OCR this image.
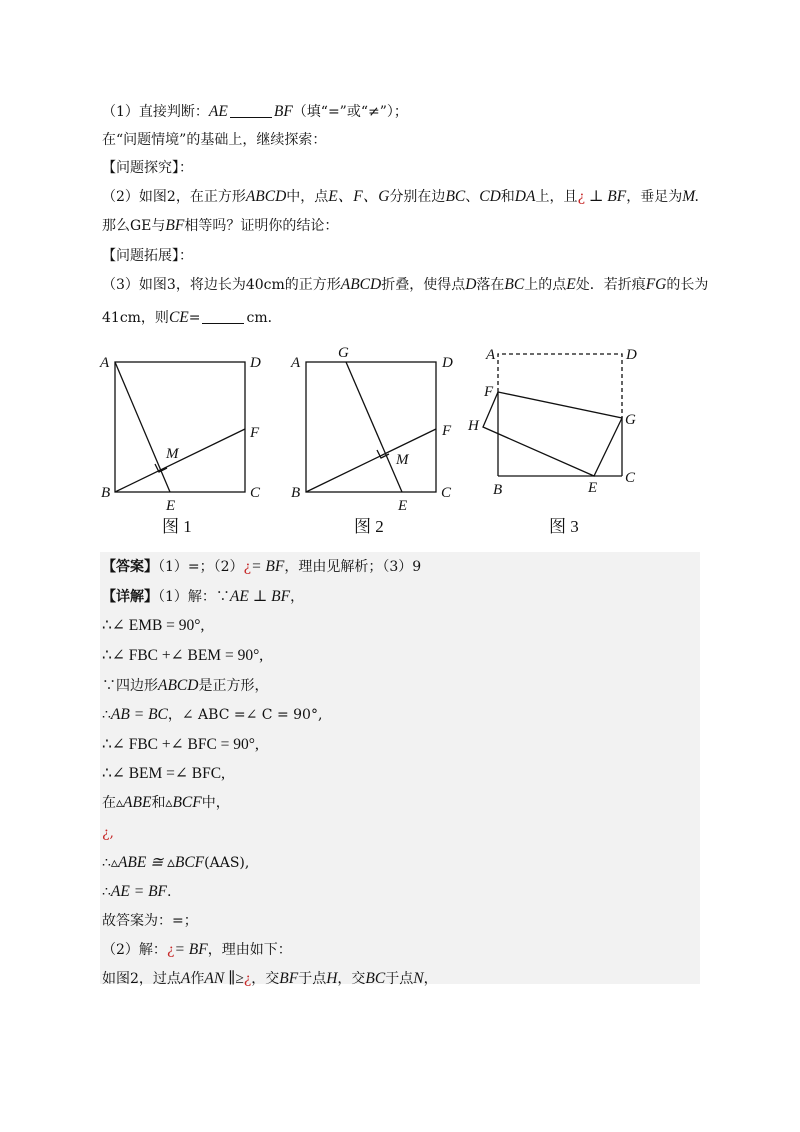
（1）直接判断：AE	BF（填“=”或“≠”）；
在“问题情境”的基础上，继续探索：
【问题探究】：
（2）如图2，在正方形ABCD中，点E、F、G分别在边BC、CD和DA上，且¿ ⊥ BF，垂足为M.
那么GE与BF相等吗？证明你的结论：
【问题拓展】：
（3）如图3，将边长为40cm的正方形ABCD折叠，使得点D落在BC上的点E处．若折痕FG的长为
41cm，则CE=	cm．
A	D
B	C
E
F
M
图 1
A
G
D
F
M
B
E
C
图 2
A	D
F
H	G
B	E
C
图 3
【答案】（1）=；（2）¿= BF，理由见解析；（3）9
【详解】（1）解：∵AE ⊥ BF，
∴∠ EMB = 90°,
∴∠ FBC +∠ BEM = 90°,
∵四边形ABCD是正方形，
∴AB = BC，∠ ABC =∠ C = 90°,
∴∠ FBC +∠ BFC = 90°,
∴∠ BEM =∠ BFC,
在▵ABE和▵BCF中，
¿,
∴▵ABE ≅ ▵BCF(AAS),
∴AE = BF.
故答案为：=；
（2）解：¿= BF，理由如下：
如图2，过点A作AN ∥≥¿，交BF于点H，交BC于点N，
